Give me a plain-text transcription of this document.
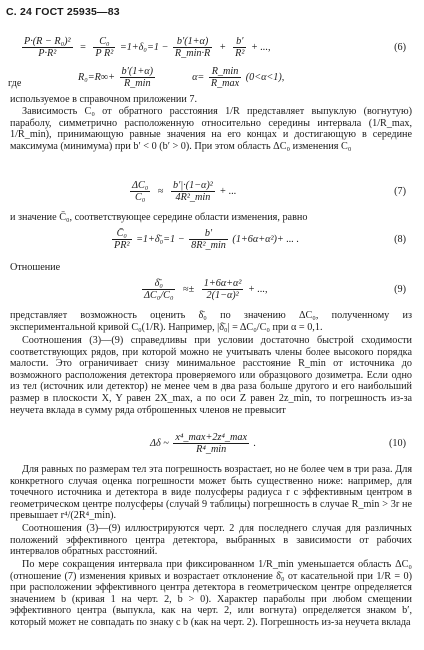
С. 24 ГОСТ 25935—83
$\frac{\text{P·(R − R₀)²}}{\text{P·R²}} = \frac{\text{C₀}}{\text{P R²}} =1+\delta_0=1 - \frac{b'(1+\alpha)}{R\_\min\cdot R} + \frac{b'}{\text{R²}}$ + ...,	(6)
где
$R_0=R\infty+ \frac{b'(1+\alpha)}{R\_\min}$	$\alpha= \frac{R\_\min}{R\_\max} (0<\alpha<1)$,

используемое в справочном приложении 7.

Зависимость C₀ от обратного расстояния 1/R представляет выпуклую (вогнутую) параболу, симметрично расположенную относительно середины интервала (1/R_max, 1/R_min), принимающую равные значения на его концах и достигающую в середине максимума (минимума) при b′ < 0 (b′ > 0). При этом область ΔC₀ изменения C₀

$\frac{\text{ΔC₀}}{\text{C₀}} \approx \frac{\text{b′|·(1−α)²}}{\text{4R²\_min}}$ + ...	(7)

и значение C̄₀, соответствующее середине области изменения, равно

$\frac{\text{C̄₀}}{\text{PR²}}$ =1+δ̄₀=1 − $\frac{b'}{\text{8R²\_min}} (1+6\alpha+\alpha^2)+$ ... .	(8)

Отношение

$\frac{\text{δ̄₀}}{\text{ΔC₀/C₀}} \approx\pm \frac{\text{1+6α+α²}}{\text{2(1−α)²}}$ + ...,	(9)

представляет возможность оценить δ̄₀ по значению ΔC₀, полученному из экспериментальной кривой C₀(1/R). Например, |δ̄₀| = ΔC₀/C₀ при α = 0,1.

Соотношения (3)—(9) справедливы при условии достаточно быстрой сходимости соответствующих рядов, при которой можно не учитывать члены более высокого порядка малости. Это ограничивает снизу минимальное расстояние R_min от источника до возможного расположения детектора проверяемого или образцового дозиметра. Если одно из тел (источник или детектор) не менее чем в два раза больше другого и его наибольший размер в плоскости X, Y равен 2X_max, а по оси Z равен 2z_min, то погрешность из-за неучета вклада в сумму ряда отброшенных членов не превысит

Δδ ~ $\frac{\text{x⁴\_max+2z⁴\_max}}{\text{R⁴\_min}}$ .	(10)

Для равных по размерам тел эта погрешность возрастает, но не более чем в три раза. Для конкретного случая оценка погрешности может быть существенно ниже: например, для точечного источника и детектора в виде полусферы радиуса r с эффективным центром в геометрическом центре полусферы (случай 9 таблицы) погрешность в случае R_min > 3r не превышает r⁴/(2R⁴_min).

Соотношения (3)—(9) иллюстрируются черт. 2 для последнего случая для различных положений эффективного центра детектора, выбранных в зависимости от рабочих интервалов обратных расстояний.

По мере сокращения интервала при фиксированном 1/R_min уменьшается область ΔC₀ (отношение (7) изменения кривых и возрастает отклонение δ̄₀ от касательной при 1/R = 0) при расположении эффективного центра детектора в геометрическом центре определяется значением b (кривая 1 на черт. 2, b > 0). Характер параболы при любом смещении эффективного центра (выпукла, как на черт. 2, или вогнута) определяется знаком b′, который может не совпадать по знаку с b (как на черт. 2). Погрешность из-за неучета вклада
